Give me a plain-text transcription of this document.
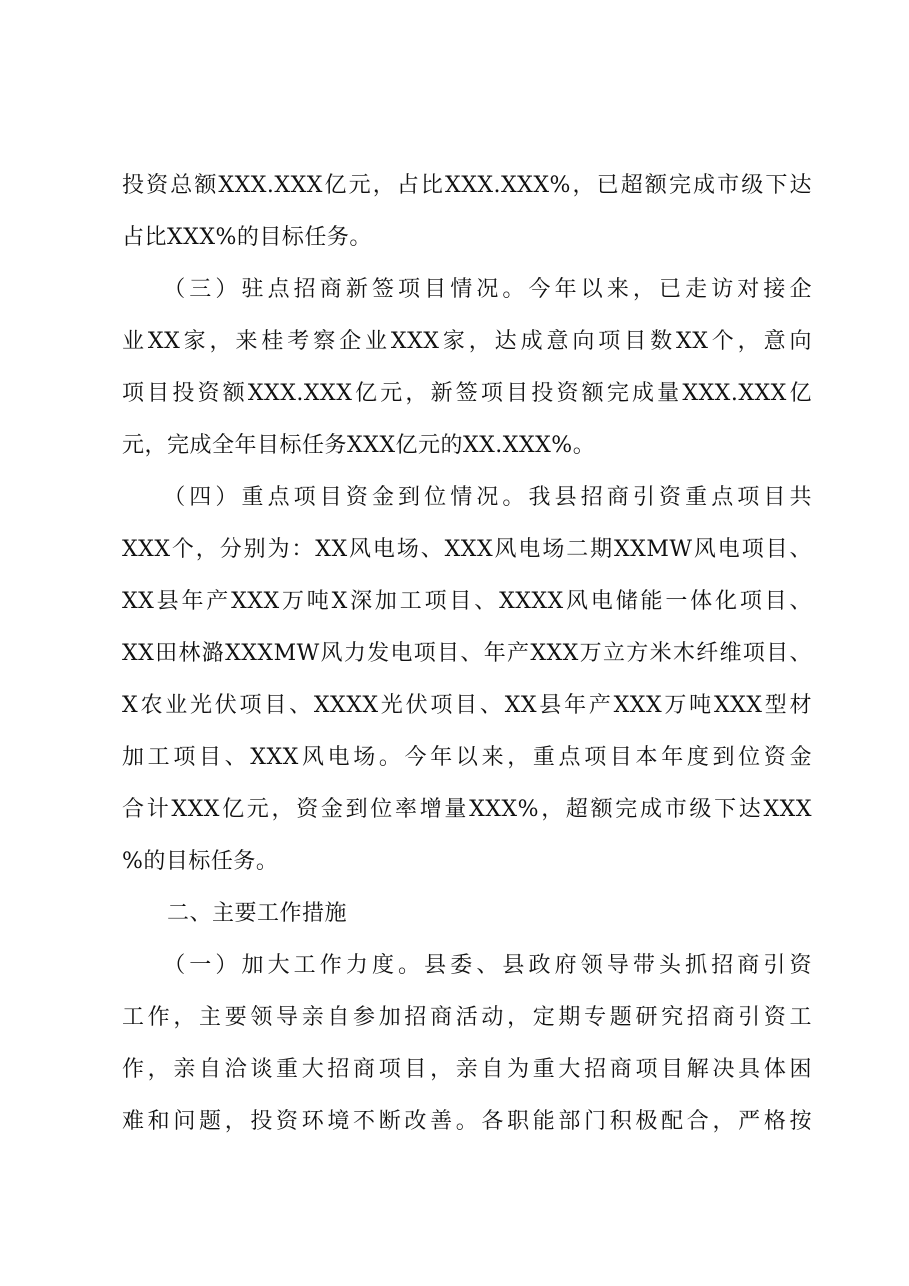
投资总额XXX.XXX亿元，占比XXX.XXX%，已超额完成市级下达
占比XXX%的目标任务。
　　（三）驻点招商新签项目情况。今年以来，已走访对接企
业XX家，来桂考察企业XXX家，达成意向项目数XX个，意向
项目投资额XXX.XXX亿元，新签项目投资额完成量XXX.XXX亿
元，完成全年目标任务XXX亿元的XX.XXX%。
　　（四）重点项目资金到位情况。我县招商引资重点项目共
XXX个，分别为：XX风电场、XXX风电场二期XXMW风电项目、
XX县年产XXX万吨X深加工项目、XXXX风电储能一体化项目、
XX田林潞XXXMW风力发电项目、年产XXX万立方米木纤维项目、
X农业光伏项目、XXXX光伏项目、XX县年产XXX万吨XXX型材
加工项目、XXX风电场。今年以来，重点项目本年度到位资金
合计XXX亿元，资金到位率增量XXX%，超额完成市级下达XXX
%的目标任务。
　　二、主要工作措施
　　（一）加大工作力度。县委、县政府领导带头抓招商引资
工作，主要领导亲自参加招商活动，定期专题研究招商引资工
作，亲自洽谈重大招商项目，亲自为重大招商项目解决具体困
难和问题，投资环境不断改善。各职能部门积极配合，严格按
